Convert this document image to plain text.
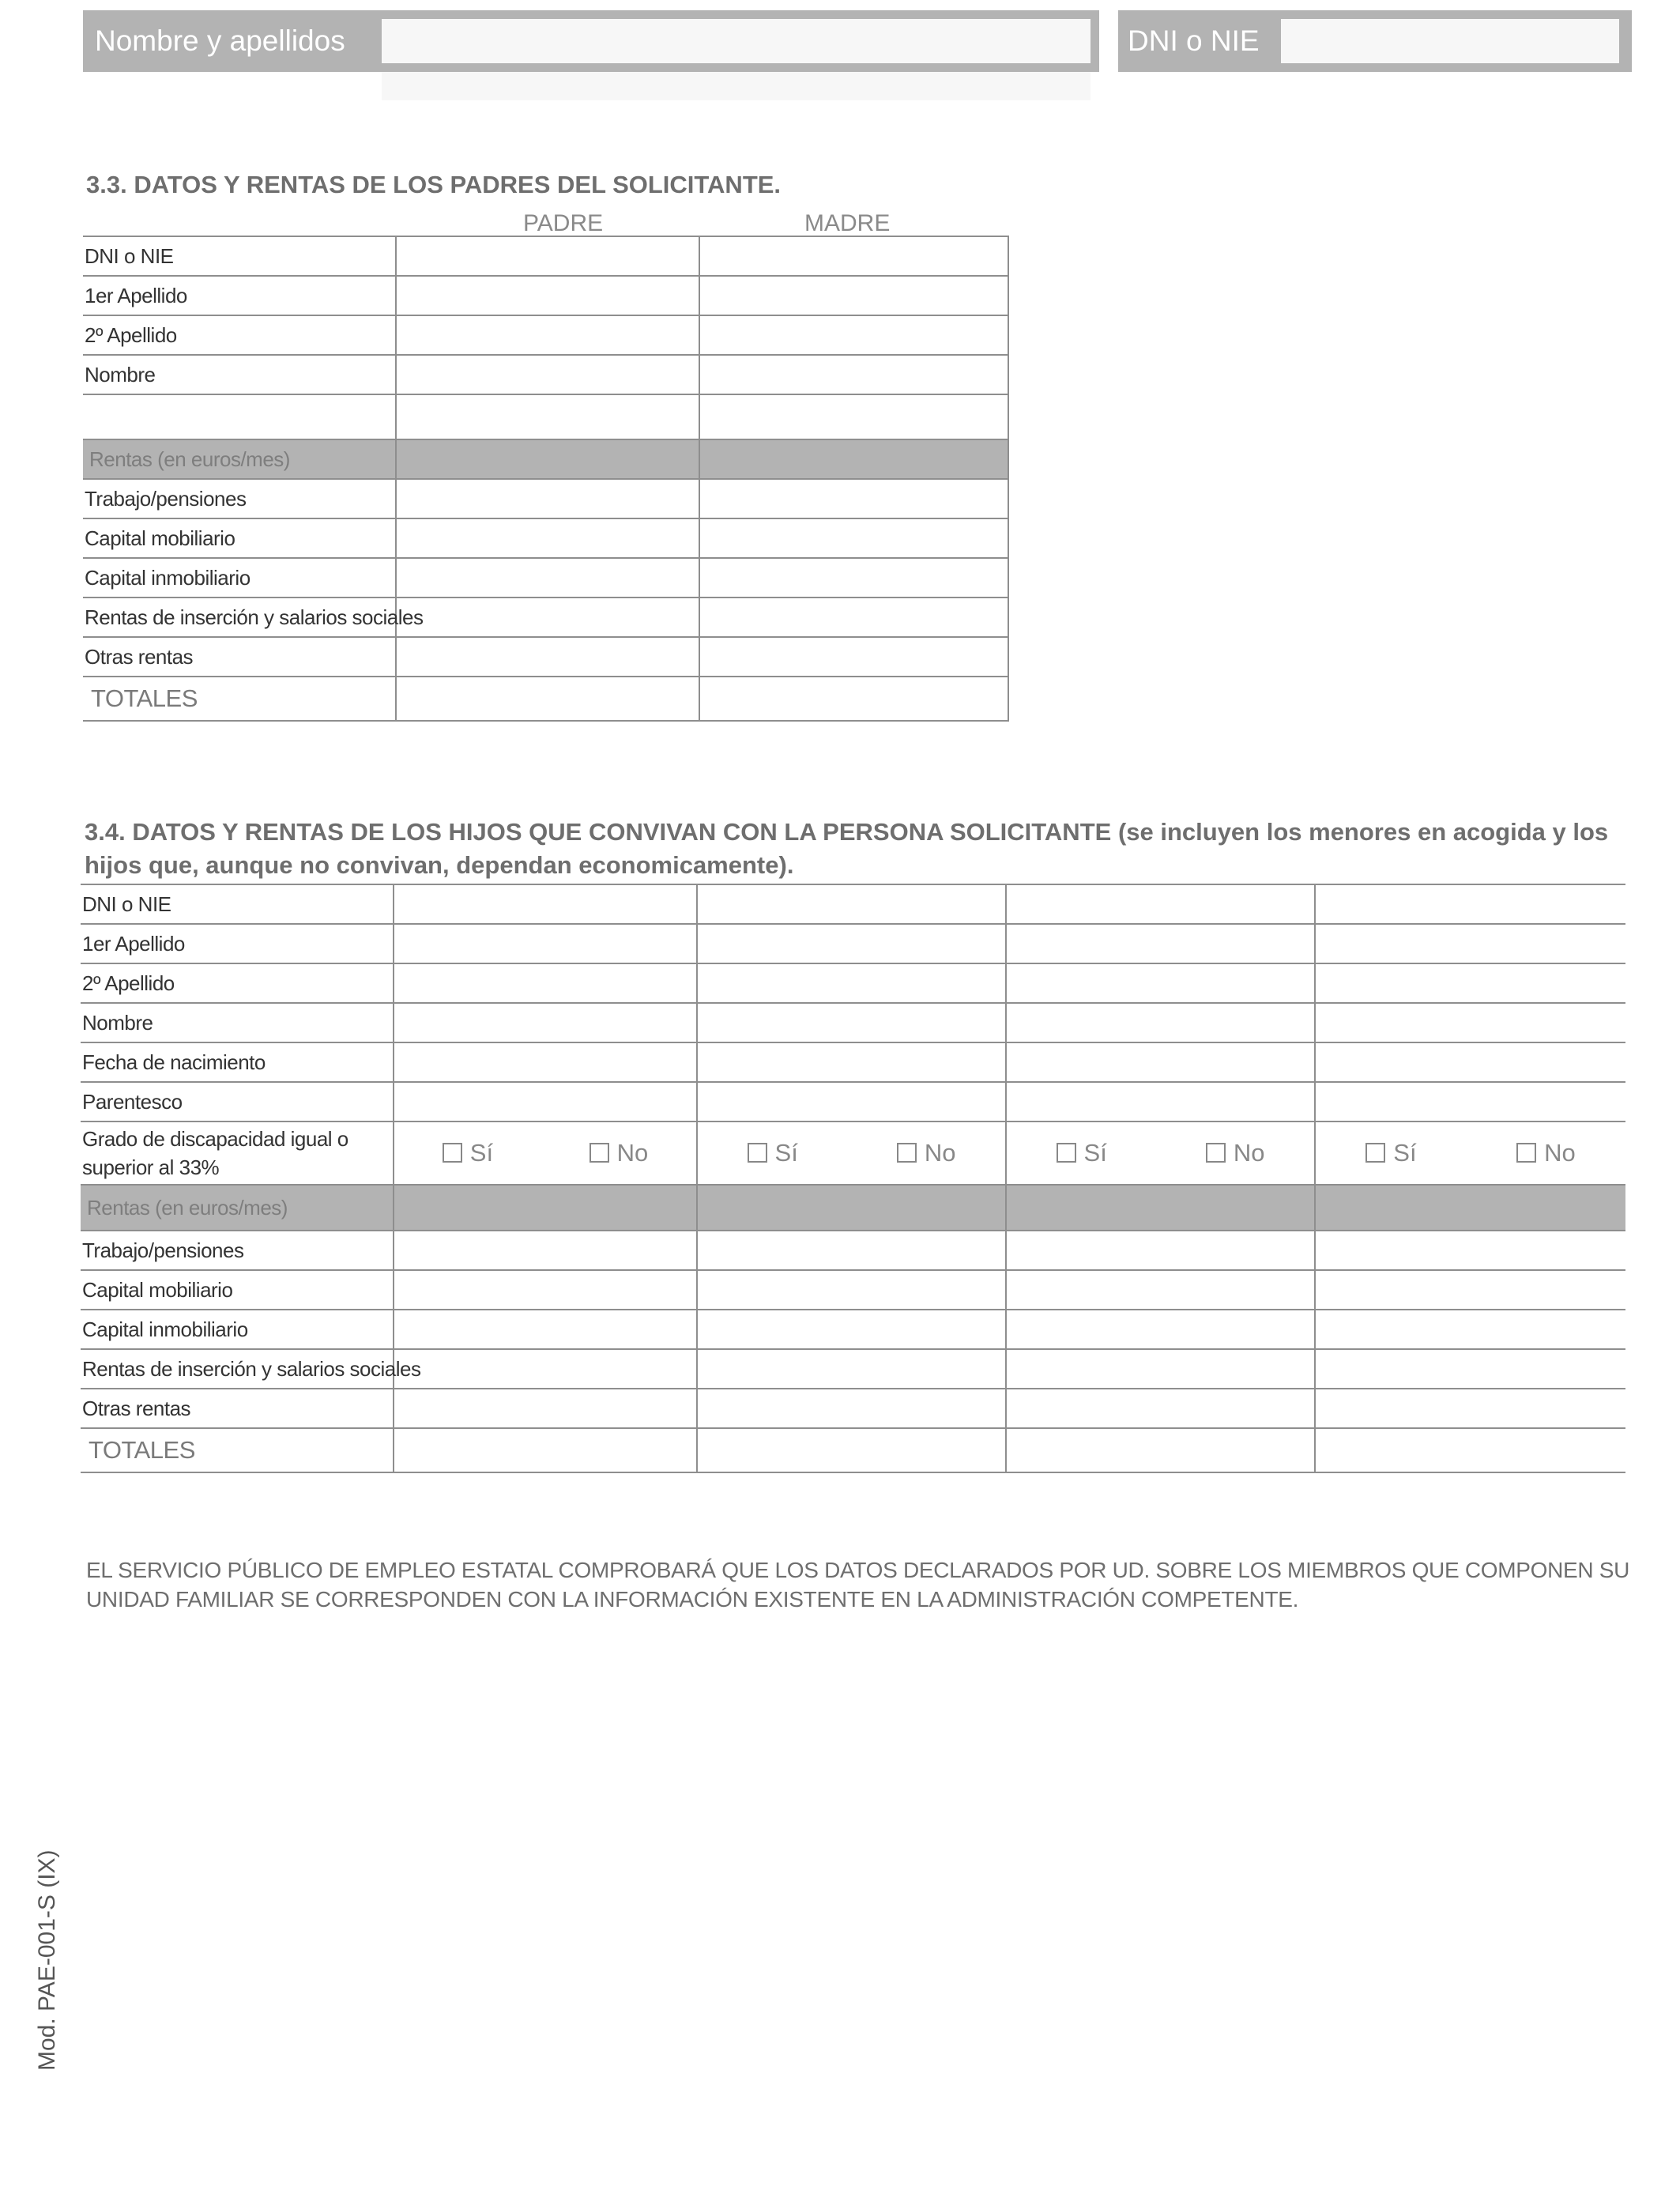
Nombre y apellidos	DNI o NIE
3.3. DATOS Y RENTAS DE LOS PADRES DEL SOLICITANTE.
PADRE	MADRE
DNI o NIE		
1er Apellido		
2º Apellido		
Nombre		

Rentas (en euros/mes)		
Trabajo/pensiones		
Capital mobiliario		
Capital inmobiliario		
Rentas de inserción y salarios sociales		
Otras rentas		
TOTALES		
3.4. DATOS Y RENTAS DE LOS HIJOS QUE CONVIVAN CON LA PERSONA SOLICITANTE (se incluyen los menores en acogida y los hijos que, aunque no convivan, dependan economicamente).
DNI o NIE				
1er Apellido				
2º Apellido				
Nombre				
Fecha de nacimiento				
Parentesco				
Grado de discapacidad igual o superior al 33%	Sí No	Sí No	Sí No	Sí No

Rentas (en euros/mes)				
Trabajo/pensiones				
Capital mobiliario				
Capital inmobiliario				
Rentas de inserción y salarios sociales				
Otras rentas				
TOTALES				
EL SERVICIO PÚBLICO DE EMPLEO ESTATAL COMPROBARÁ QUE LOS DATOS DECLARADOS POR UD. SOBRE LOS MIEMBROS QUE COMPONEN SU UNIDAD FAMILIAR SE CORRESPONDEN CON LA INFORMACIÓN EXISTENTE EN LA ADMINISTRACIÓN COMPETENTE.
Mod. PAE-001-S (IX)
